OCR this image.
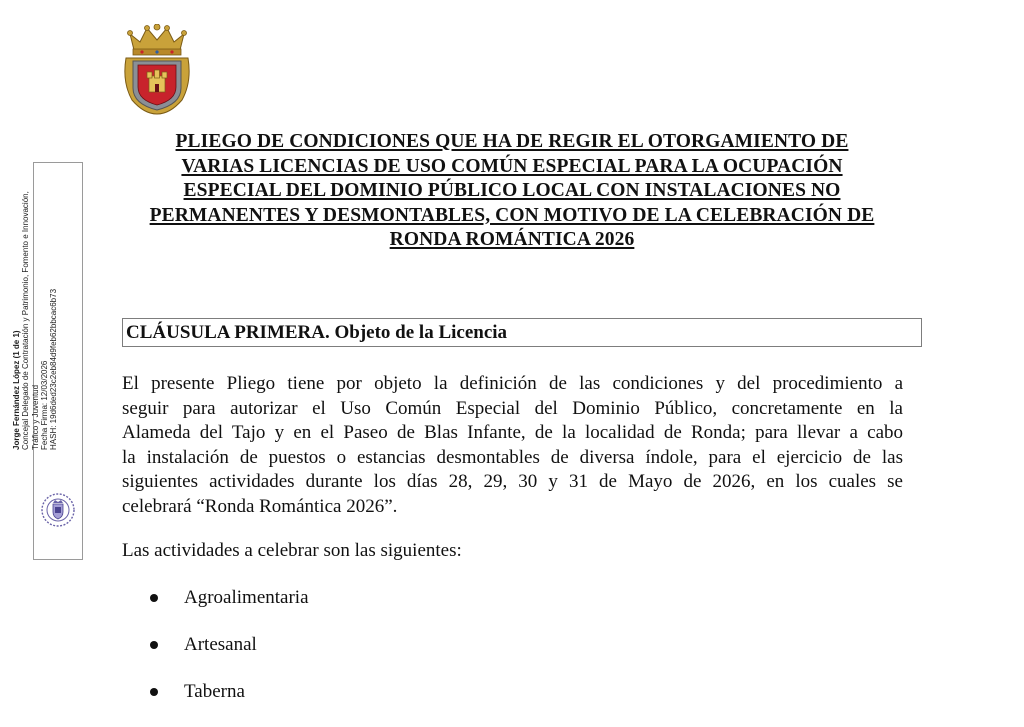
PLIEGO DE CONDICIONES QUE HA DE REGIR EL OTORGAMIENTO DE
VARIAS LICENCIAS DE USO COMÚN ESPECIAL PARA LA OCUPACIÓN
ESPECIAL DEL DOMINIO PÚBLICO LOCAL CON INSTALACIONES NO
PERMANENTES Y DESMONTABLES, CON MOTIVO DE LA CELEBRACIÓN DE
RONDA ROMÁNTICA 2026
Jorge Fernández López (1 de 1) Concejal Delegado de Contratación y Patrimonio, Fomento e Innovación, Tráfico y Juventud Fecha Firma: 12/03/2026 HASH: 19d6ded23c2eb84d9feb62bbcac6b73	CLÁUSULA PRIMERA. Objeto de la Licencia
El presente Pliego tiene por objeto la definición de las condiciones y del procedimiento a
seguir para autorizar el Uso Común Especial del Dominio Público, concretamente en la
Alameda del Tajo y en el Paseo de Blas Infante, de la localidad de Ronda; para llevar a cabo
la instalación de puestos o estancias desmontables de diversa índole, para el ejercicio de las
siguientes actividades durante los días 28, 29, 30 y 31 de Mayo de 2026, en los cuales se
celebrará “Ronda Romántica 2026”.
Las actividades a celebrar son las siguientes:
Agroalimentaria
Artesanal
Taberna
